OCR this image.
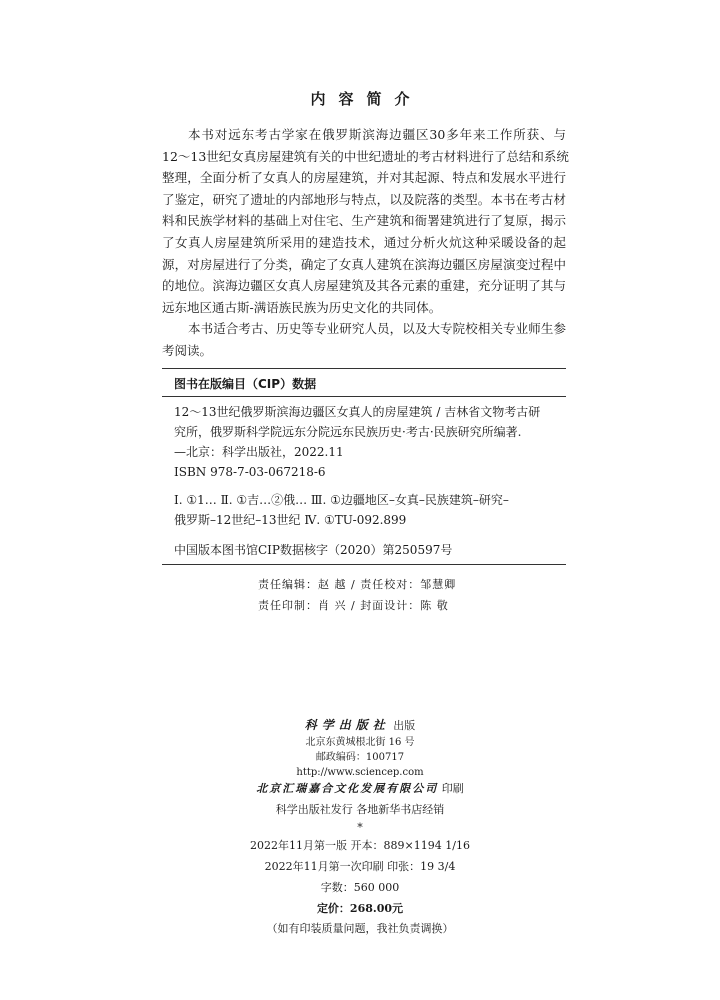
内容简介
本书对远东考古学家在俄罗斯滨海边疆区30多年来工作所获、与
12～13世纪女真房屋建筑有关的中世纪遗址的考古材料进行了总结和系统
整理，全面分析了女真人的房屋建筑，并对其起源、特点和发展水平进行
了鉴定，研究了遗址的内部地形与特点，以及院落的类型。本书在考古材
料和民族学材料的基础上对住宅、生产建筑和衙署建筑进行了复原，揭示
了女真人房屋建筑所采用的建造技术，通过分析火炕这种采暖设备的起
源，对房屋进行了分类，确定了女真人建筑在滨海边疆区房屋演变过程中
的地位。滨海边疆区女真人房屋建筑及其各元素的重建，充分证明了其与
远东地区通古斯-满语族民族为历史文化的共同体。
本书适合考古、历史等专业研究人员，以及大专院校相关专业师生参
考阅读。
图书在版编目（CIP）数据
12～13世纪俄罗斯滨海边疆区女真人的房屋建筑 / 吉林省文物考古研
究所，俄罗斯科学院远东分院远东民族历史·考古·民族研究所编著.
—北京：科学出版社，2022.11
ISBN 978-7-03-067218-6
Ⅰ. ①1… Ⅱ. ①吉…②俄… Ⅲ. ①边疆地区–女真–民族建筑–研究–
俄罗斯–12世纪–13世纪 Ⅳ. ①TU-092.899
中国版本图书馆CIP数据核字（2020）第250597号
责任编辑：赵 越 / 责任校对：邹慧卿
责任印制：肖 兴 / 封面设计：陈 敬
科学出版社 出版
北京东黄城根北街 16 号
邮政编码：100717
http://www.sciencep.com
北京汇瑞嘉合文化发展有限公司 印刷
科学出版社发行 各地新华书店经销
*
2022年11月第一版 开本：889×1194 1/16
2022年11月第一次印刷 印张：19 3/4
字数：560 000
定价：268.00元
（如有印装质量问题，我社负责调换）
